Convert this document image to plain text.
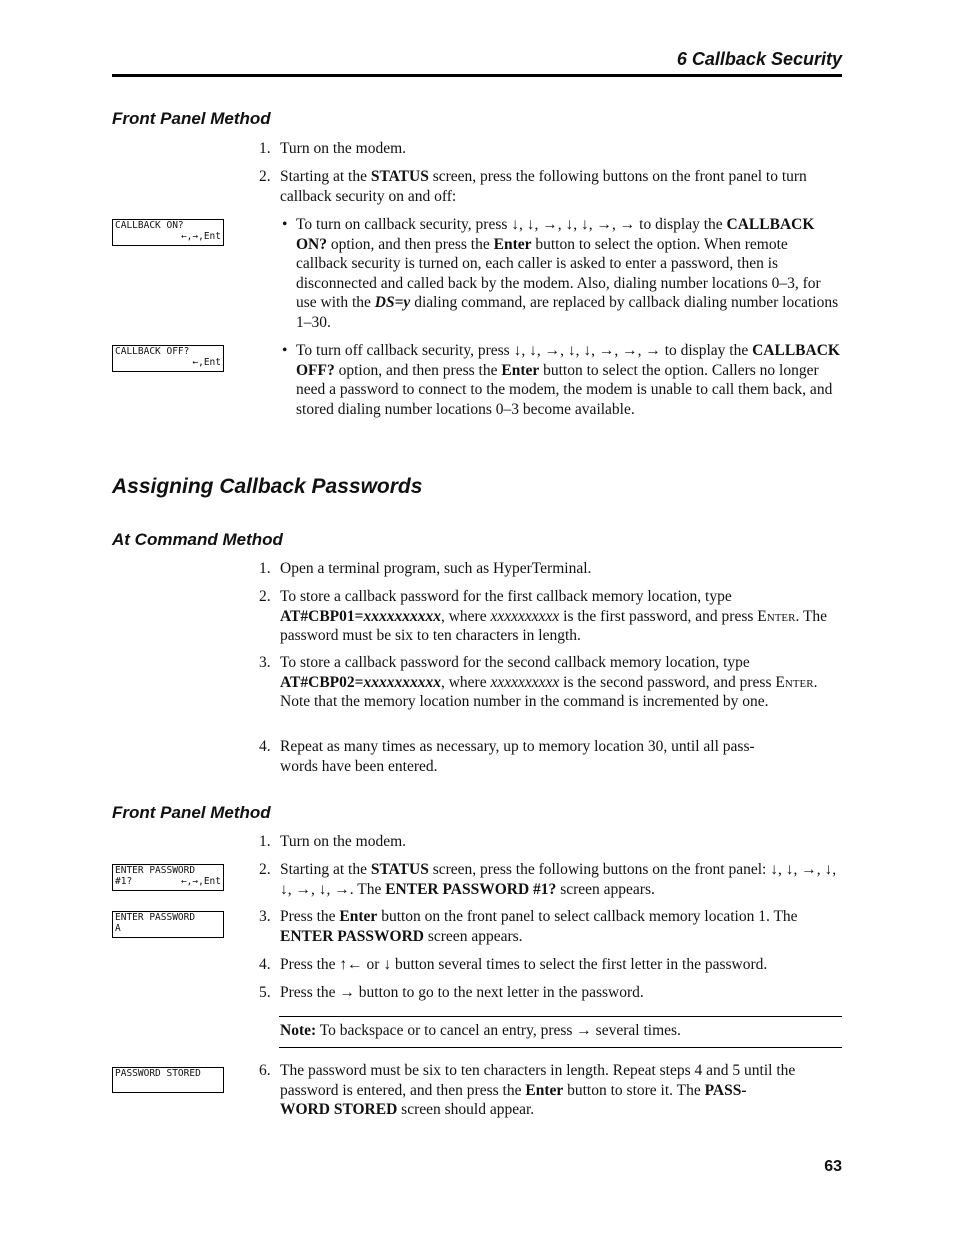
6 Callback Security
Front Panel Method
1. Turn on the modem.
2. Starting at the STATUS screen, press the following buttons on the front panel to turn callback security on and off:
CALLBACK ON?
←,→,Ent
• To turn on callback security, press ↓, ↓, →, ↓, ↓, →, → to display the CALLBACK ON? option, and then press the Enter button to select the option. When remote callback security is turned on, each caller is asked to enter a password, then is disconnected and called back by the modem. Also, dialing number locations 0–3, for use with the DS=y dialing command, are replaced by callback dialing number locations 1–30.
CALLBACK OFF?
←,Ent
• To turn off callback security, press ↓, ↓, →, ↓, ↓, →, →, → to display the CALLBACK OFF? option, and then press the Enter button to select the option. Callers no longer need a password to connect to the modem, the modem is unable to call them back, and stored dialing number locations 0–3 become available.
Assigning Callback Passwords
At Command Method
1. Open a terminal program, such as HyperTerminal.
2. To store a callback password for the first callback memory location, type AT#CBP01=xxxxxxxxxx, where xxxxxxxxxx is the first password, and press Enter. The password must be six to ten characters in length.
3. To store a callback password for the second callback memory location, type AT#CBP02=xxxxxxxxxx, where xxxxxxxxxx is the second password, and press Enter. Note that the memory location number in the command is incremented by one.
4. Repeat as many times as necessary, up to memory location 30, until all pass-
words have been entered.
Front Panel Method
1. Turn on the modem.
ENTER PASSWORD
#1?	←,→,Ent
2. Starting at the STATUS screen, press the following buttons on the front panel: ↓, ↓, →, ↓, ↓, →, ↓, →. The ENTER PASSWORD #1? screen appears.
ENTER PASSWORD
A
3. Press the Enter button on the front panel to select callback memory location 1. The ENTER PASSWORD screen appears.
4. Press the ↑← or ↓ button several times to select the first letter in the password.
5. Press the → button to go to the next letter in the password.
Note: To backspace or to cancel an entry, press → several times.
PASSWORD STORED	6. The password must be six to ten characters in length. Repeat steps 4 and 5 until the password is entered, and then press the Enter button to store it. The PASS-
WORD STORED screen should appear.
63
